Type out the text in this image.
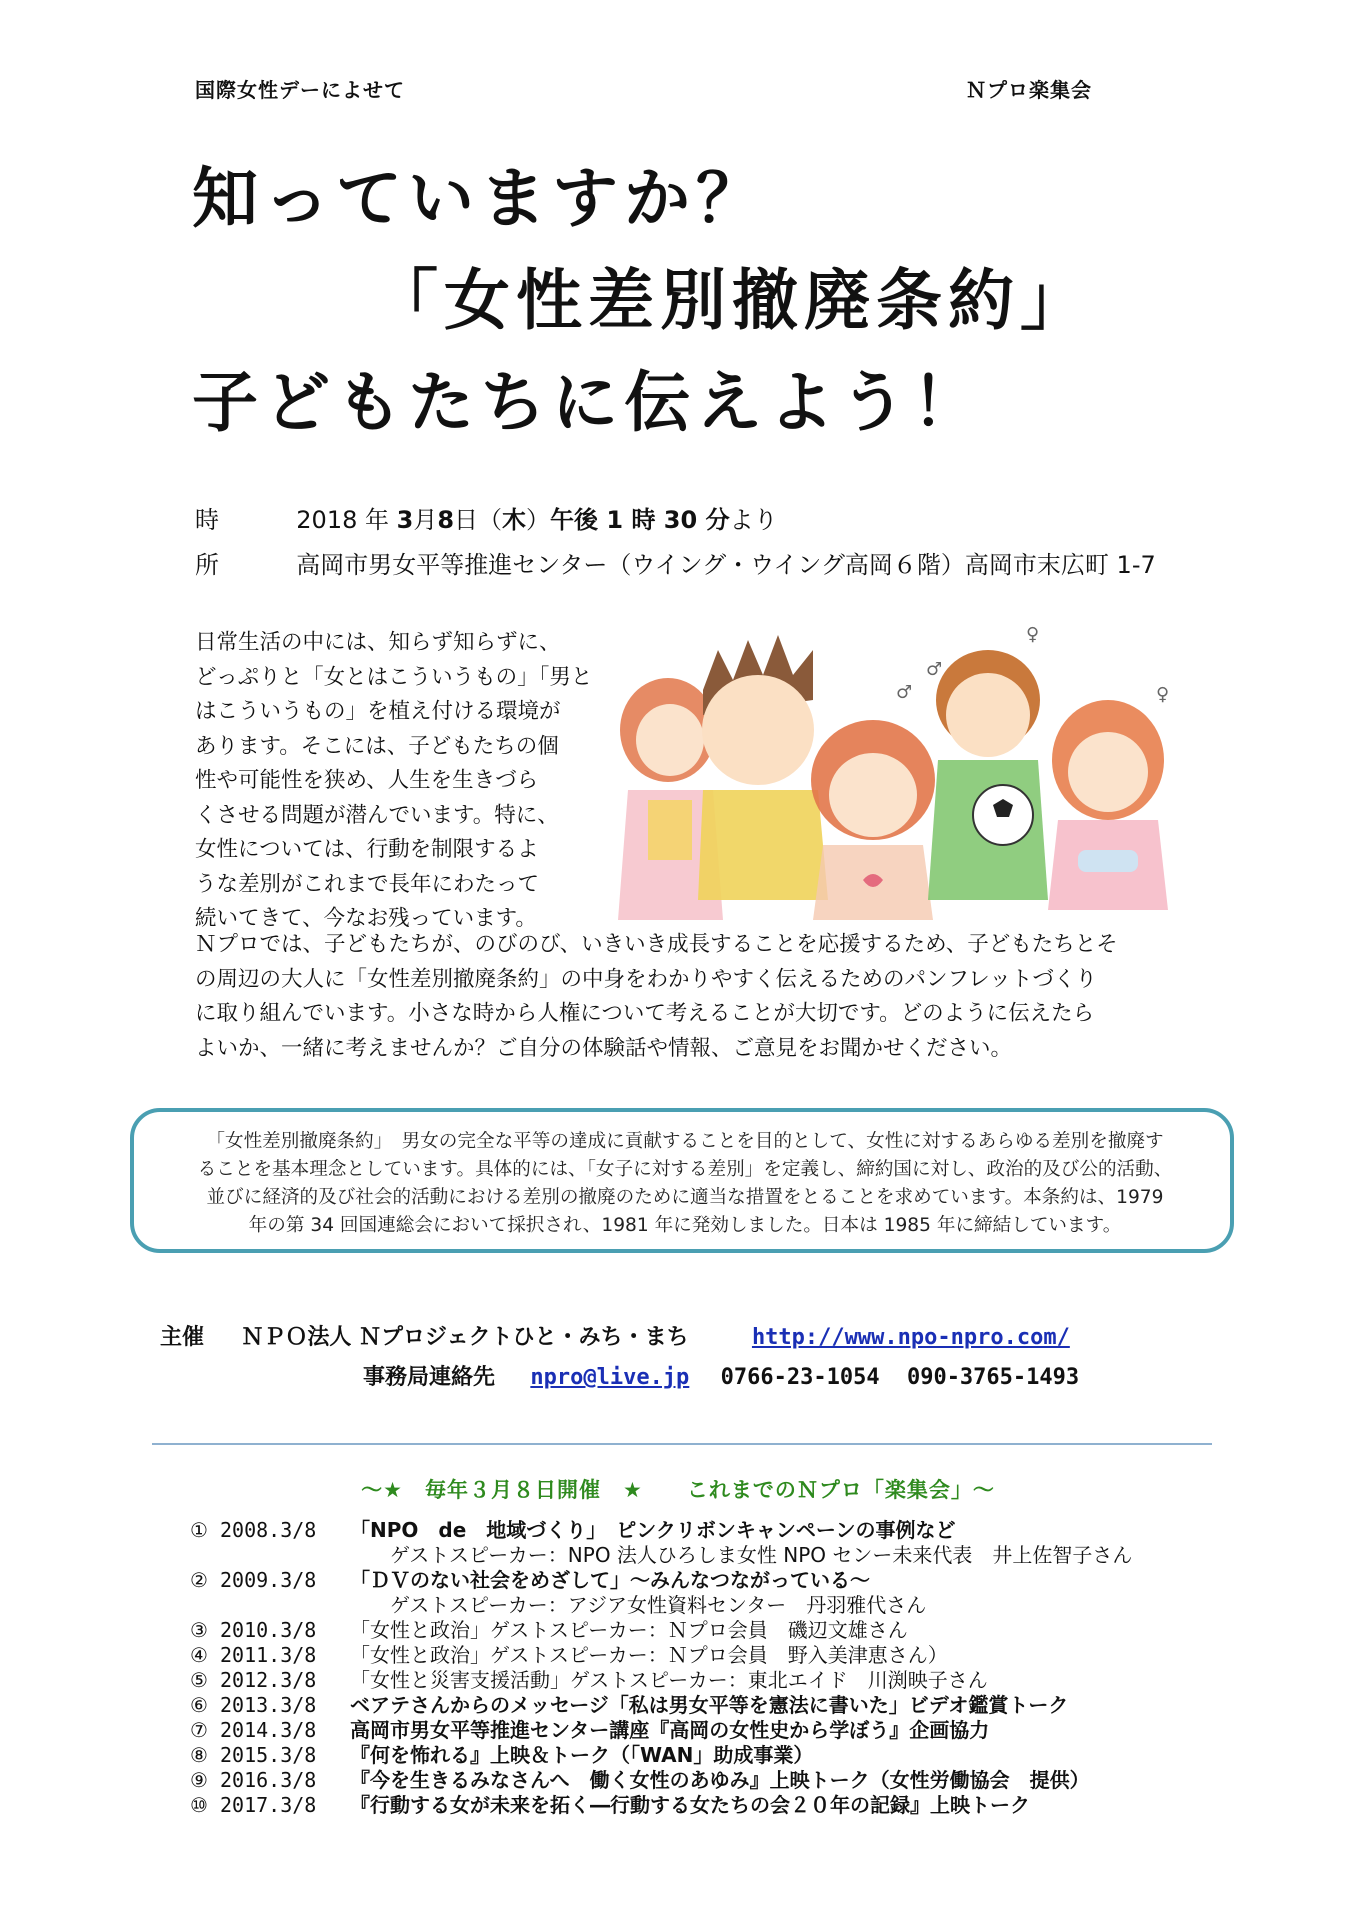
国際女性デーによせて	Ｎプロ楽集会
知っていますか？
「女性差別撤廃条約」
子どもたちに伝えよう！
時	2018 年 3月8日（木）午後 1 時 30 分より
所	高岡市男女平等推進センター（ウイング・ウイング高岡６階）高岡市末広町 1-7
日常生活の中には、知らず知らずに、
どっぷりと「女とはこういうもの」「男と
はこういうもの」を植え付ける環境が
あります。そこには、子どもたちの個
性や可能性を狭め、人生を生きづら
くさせる問題が潜んでいます。特に、
女性については、行動を制限するよ
うな差別がこれまで長年にわたって
続いてきて、今なお残っています。
♀
♂
♂	♀
Ｎプロでは、子どもたちが、のびのび、いきいき成長することを応援するため、子どもたちとそ
の周辺の大人に「女性差別撤廃条約」の中身をわかりやすく伝えるためのパンフレットづくり
に取り組んでいます。小さな時から人権について考えることが大切です。どのように伝えたら
よいか、一緒に考えませんか？ご自分の体験話や情報、ご意見をお聞かせください。
「女性差別撤廃条約」　男女の完全な平等の達成に貢献することを目的として、女性に対するあらゆる差別を撤廃す
ることを基本理念としています。具体的には、「女子に対する差別」を定義し、締約国に対し、政治的及び公的活動、
並びに経済的及び社会的活動における差別の撤廃のために適当な措置をとることを求めています。本条約は、1979
年の第 34 回国連総会において採択され、1981 年に発効しました。日本は 1985 年に締結しています。
主催 ＮＰＯ法人 Ｎプロジェクトひと・みち・まち	http://www.npo-npro.com/
事務局連絡先 npro@live.jp 0766-23-1054 090-3765-1493
～★　毎年３月８日開催　★　　これまでのＮプロ「楽集会」～
① 2008.3/8	「NPO　de　地域づくり」　ピンクリボンキャンペーンの事例など
ゲストスピーカー：NPO 法人ひろしま女性 NPO センー未来代表　井上佐智子さん
② 2009.3/8	「ＤＶのない社会をめざして」～みんなつながっている～
ゲストスピーカー：アジア女性資料センター　丹羽雅代さん
③ 2010.3/8	「女性と政治」ゲストスピーカー：Ｎプロ会員　磯辺文雄さん
④ 2011.3/8	「女性と政治」ゲストスピーカー：Ｎプロ会員　野入美津恵さん）
⑤ 2012.3/8	「女性と災害支援活動」ゲストスピーカー：東北エイド　川渕映子さん
⑥ 2013.3/8	ベアテさんからのメッセージ「私は男女平等を憲法に書いた」ビデオ鑑賞トーク
⑦ 2014.3/8	高岡市男女平等推進センター講座『高岡の女性史から学ぼう』企画協力
⑧ 2015.3/8	『何を怖れる』上映＆トーク（「WAN」助成事業）
⑨ 2016.3/8	『今を生きるみなさんへ　働く女性のあゆみ』上映トーク（女性労働協会　提供）
⑩ 2017.3/8	『行動する女が未来を拓く―行動する女たちの会２０年の記録』上映トーク
